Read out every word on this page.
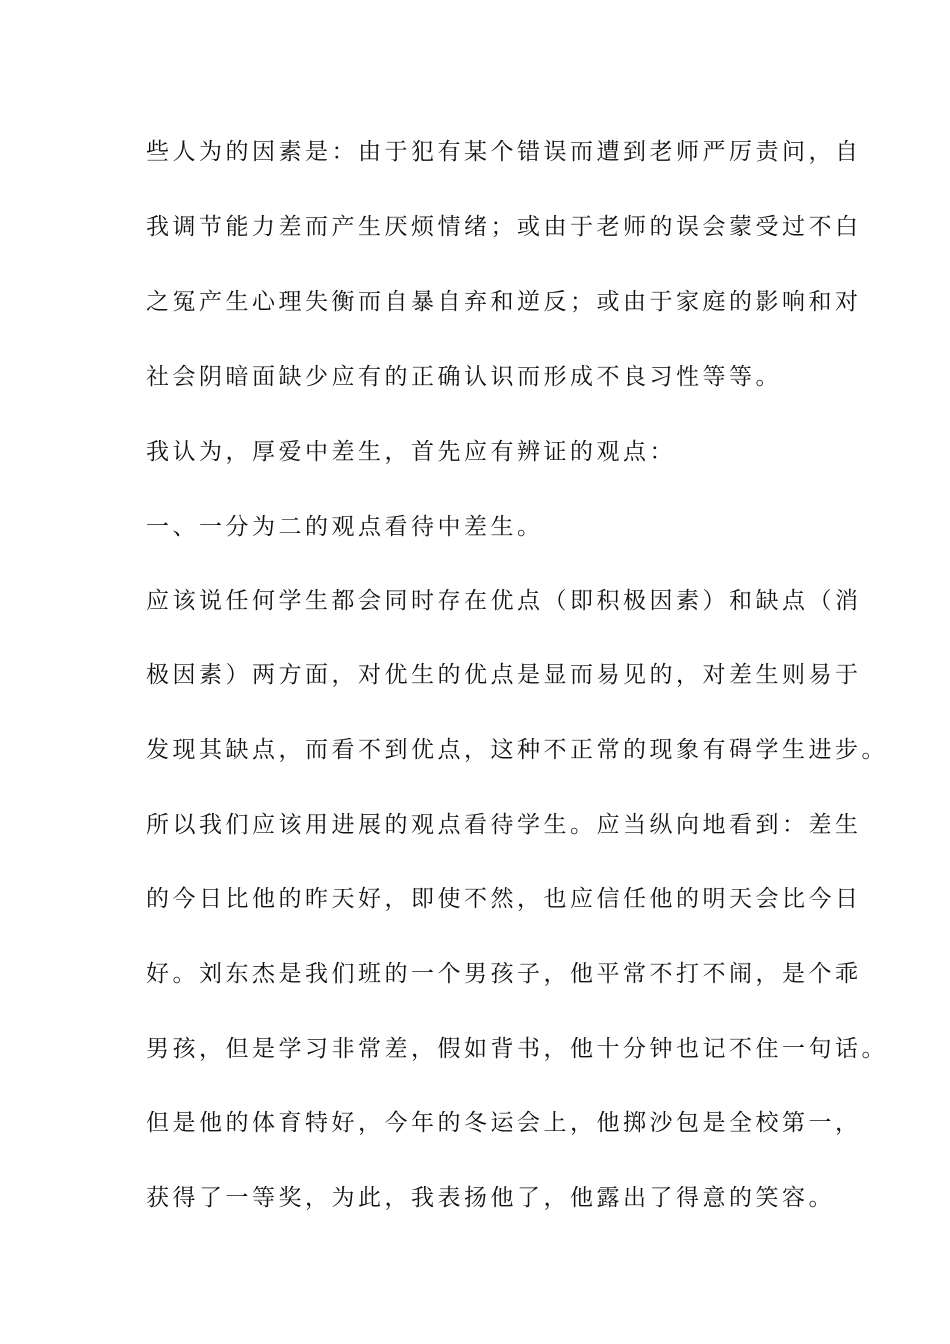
些人为的因素是：由于犯有某个错误而遭到老师严厉责问，自
我调节能力差而产生厌烦情绪；或由于老师的误会蒙受过不白
之冤产生心理失衡而自暴自弃和逆反；或由于家庭的影响和对
社会阴暗面缺少应有的正确认识而形成不良习性等等。
我认为，厚爱中差生，首先应有辨证的观点：
一、一分为二的观点看待中差生。
应该说任何学生都会同时存在优点（即积极因素）和缺点（消
极因素）两方面，对优生的优点是显而易见的，对差生则易于
发现其缺点，而看不到优点，这种不正常的现象有碍学生进步。
所以我们应该用进展的观点看待学生。应当纵向地看到：差生
的今日比他的昨天好，即使不然，也应信任他的明天会比今日
好。刘东杰是我们班的一个男孩子，他平常不打不闹，是个乖
男孩，但是学习非常差，假如背书，他十分钟也记不住一句话。
但是他的体育特好，今年的冬运会上，他掷沙包是全校第一，
获得了一等奖，为此，我表扬他了，他露出了得意的笑容。
